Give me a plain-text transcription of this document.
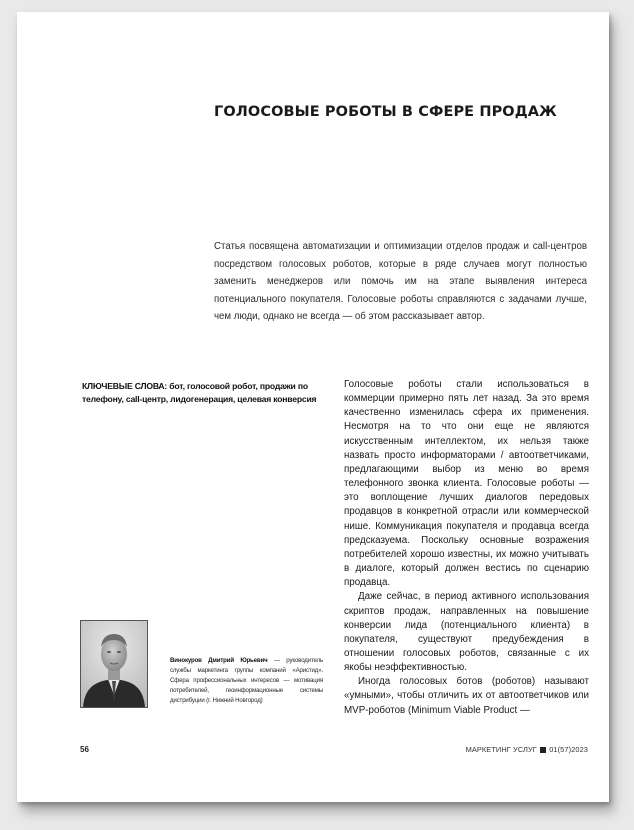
ГОЛОСОВЫЕ РОБОТЫ В СФЕРЕ ПРОДАЖ

Статья посвящена автоматизации и оптимизации отделов продаж и call-центров посредством голосовых роботов, которые в ряде случаев могут полностью заменить менеджеров или помочь им на этапе выявления интереса потенциального покупателя. Голосовые роботы справляются с задачами лучше, чем люди, однако не всегда — об этом рассказывает автор.

КЛЮЧЕВЫЕ СЛОВА: бот, голосовой робот, продажи по телефону, call-центр, лидогенерация, целевая конверсия

Голосовые роботы стали использоваться в коммерции примерно пять лет назад. За это время качественно изменилась сфера их применения. Несмотря на то что они еще не являются искусственным интеллектом, их нельзя также назвать просто информаторами / автоответчиками, предлагающими выбор из меню во время телефонного звонка клиента. Голосовые роботы — это воплощение лучших диалогов передовых продавцов в конкретной отрасли или коммерческой нише. Коммуникация покупателя и продавца всегда предсказуема. Поскольку основные возражения потребителей хорошо известны, их можно учитывать в диалоге, который должен вестись по сценарию продавца.

Даже сейчас, в период активного использования скриптов продаж, направленных на повышение конверсии лида (потенциального клиента) в покупателя, существуют предубеждения в отношении голосовых роботов, связанные с их якобы неэффективностью.

Иногда голосовых ботов (роботов) называют «умными», чтобы отличить их от автоответчиков или MVP-роботов (Minimum Viable Product —

Винокуров Дмитрий Юрьевич — руководитель службы маркетинга группы компаний «Аристид». Сфера профессиональных интересов — мотивация потребителей, геоинформационные системы дистрибуции (г. Нижний Новгород)

56	МАРКЕТИНГ УСЛУГ 01(57)2023
